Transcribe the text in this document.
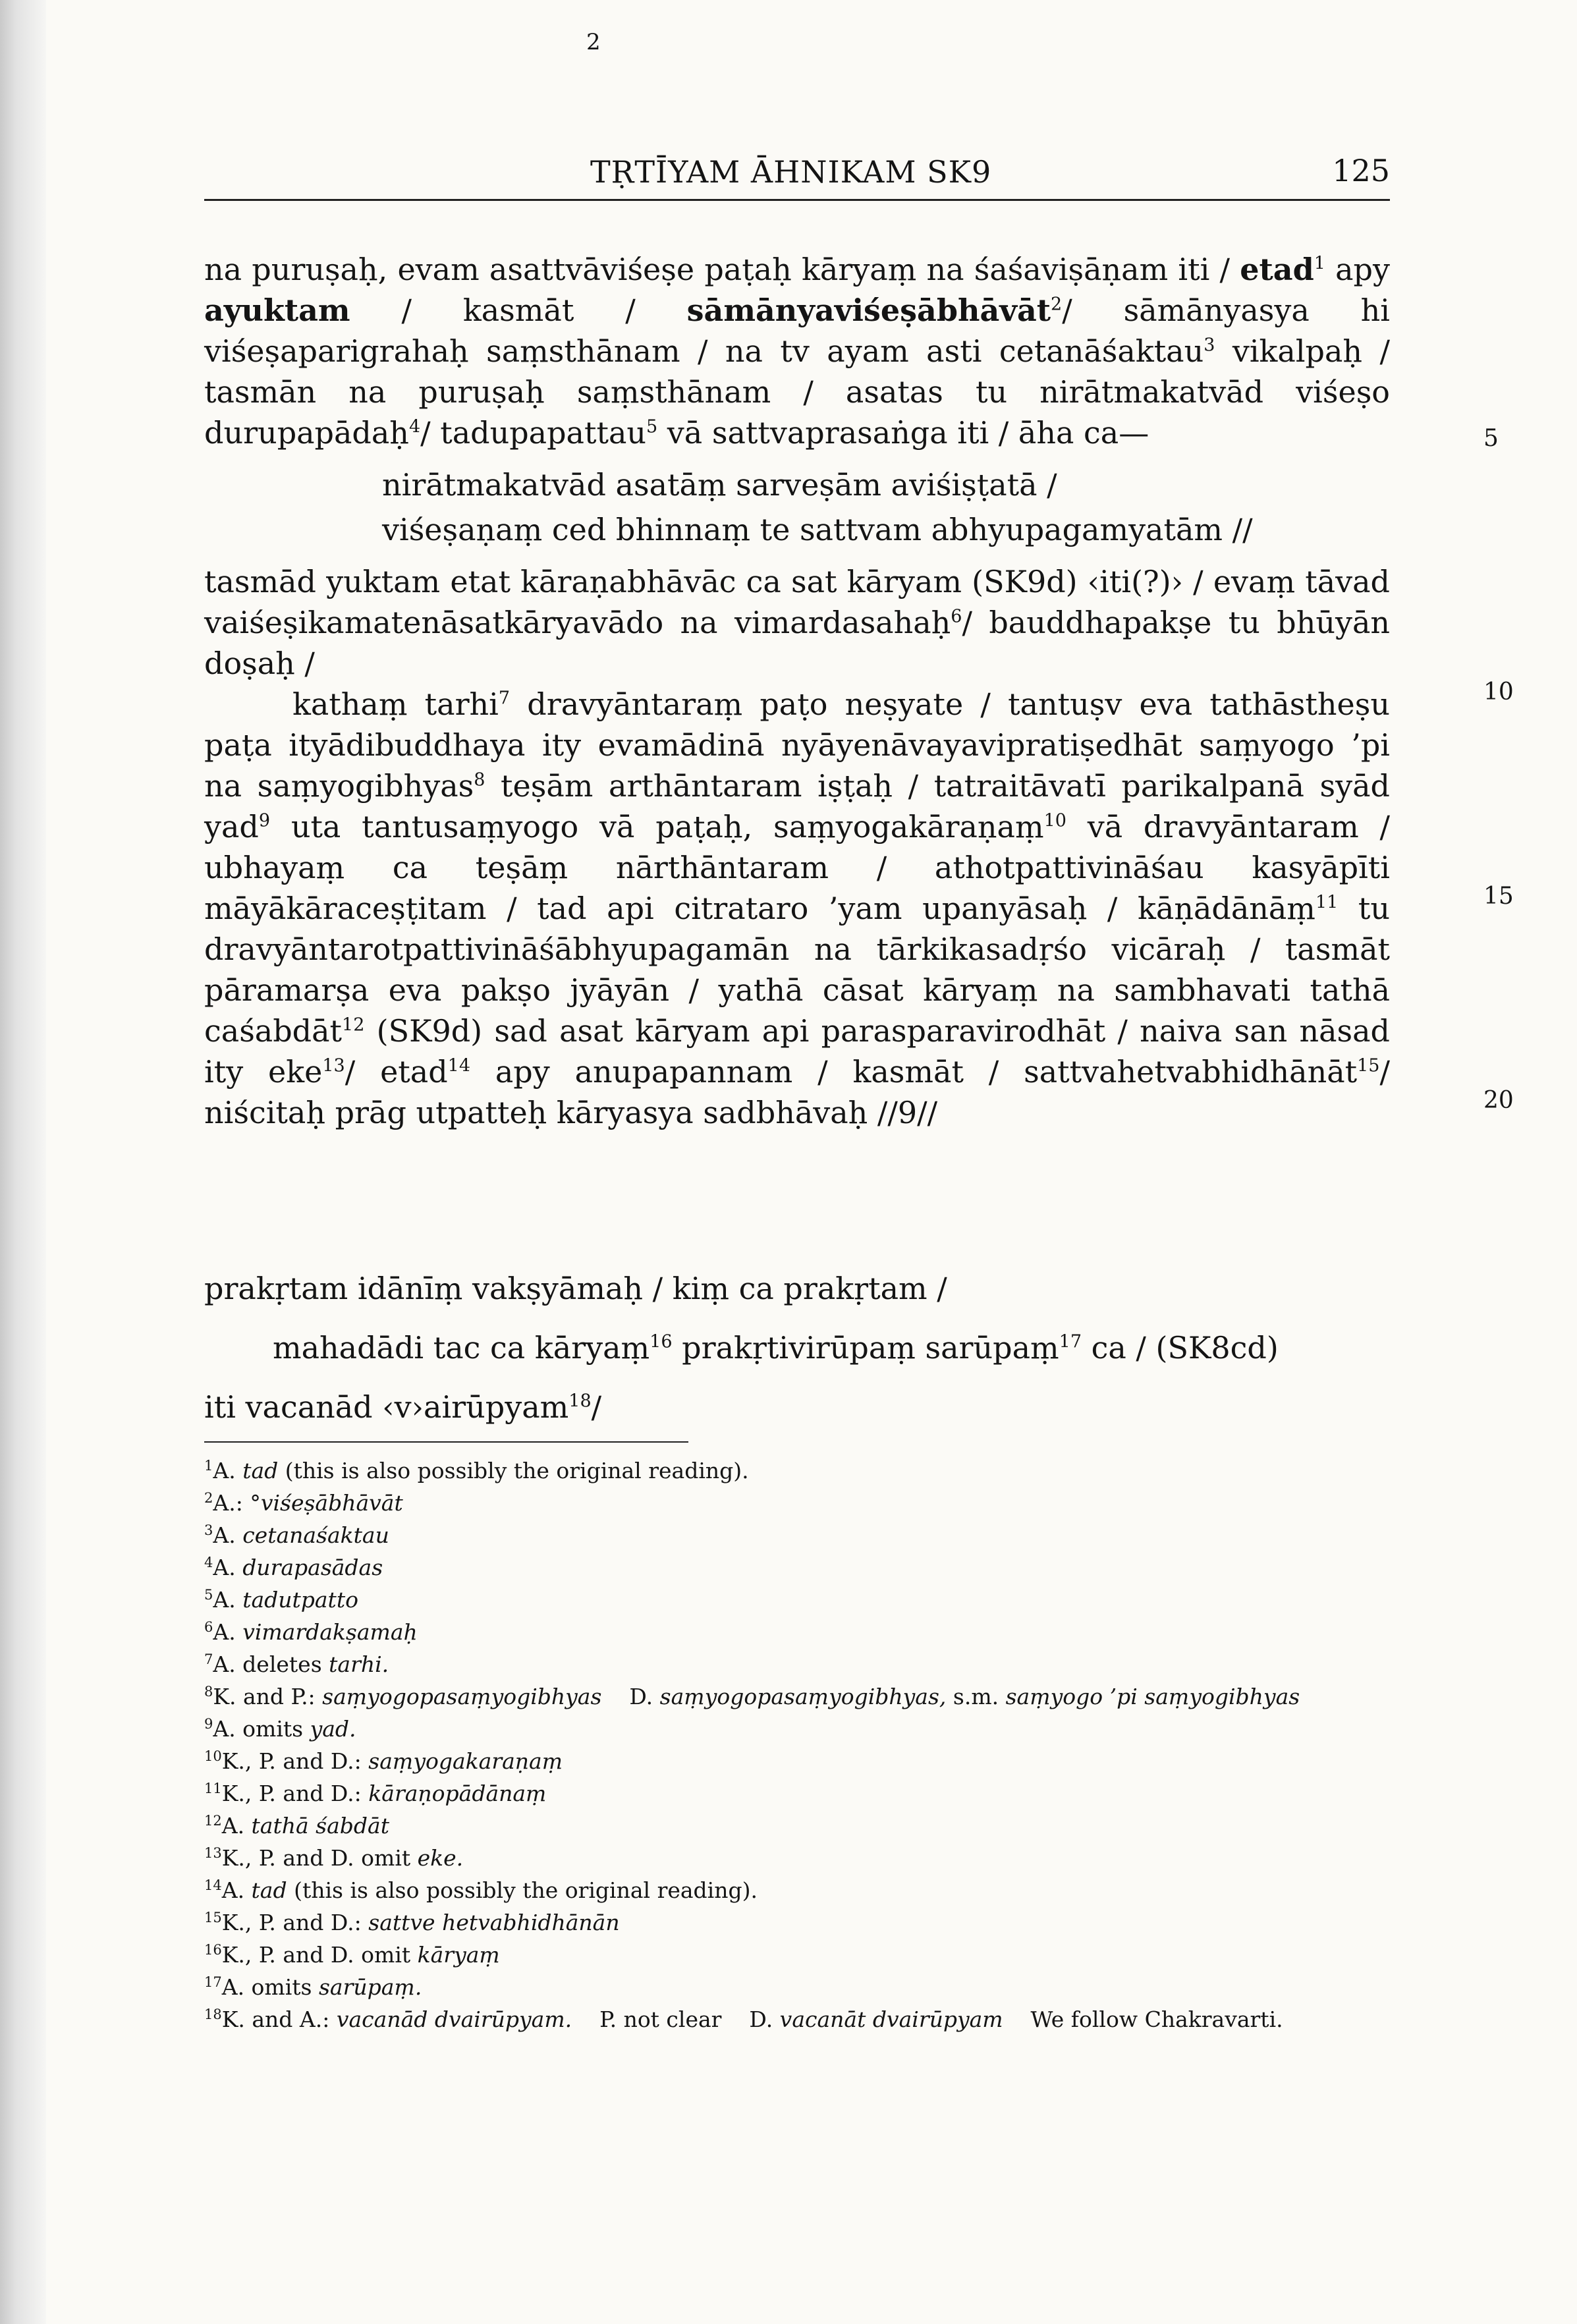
2
TṚTĪYAM ĀHNIKAM SK9	125

na puruṣaḥ, evam asattvāviśeṣe paṭaḥ kāryaṃ na śaśaviṣāṇam iti / etad$^1$ apy ayuktam / kasmāt / sāmānyaviśeṣābhāvāt$^2$/ sāmānyasya hi viśeṣaparigrahaḥ saṃsthānam / na tv ayam asti cetanāśaktau$^3$ vikalpaḥ / tasmān na puruṣaḥ saṃsthānam / asatas tu nirātmakatvād viśeṣo durupapādaḥ$^4$/ tadupapattau$^5$ vā sattvaprasaṅga iti / āha ca—

nirātmakatvād asatāṃ sarveṣām aviśiṣṭatā /
viśeṣaṇaṃ ced bhinnaṃ te sattvam abhyupagamyatām //

tasmād yuktam etat kāraṇabhāvāc ca sat kāryam (SK9d) ‹iti(?)› / evaṃ tāvad vaiśeṣikamatenāsatkāryavādo na vimardasahaḥ$^6$/ bauddhapakṣe tu bhūyān doṣaḥ /

kathaṃ tarhi$^7$ dravyāntaraṃ paṭo neṣyate / tantuṣv eva tathāstheṣu paṭa ityādibuddhaya ity evamādinā nyāyenāvayavipratiṣedhāt saṃyogo ’pi na saṃyogibhyas$^8$ teṣām arthāntaram iṣṭaḥ / tatraitāvatī parikalpanā syād yad$^9$ uta tantusaṃyogo vā paṭaḥ, saṃyogakāraṇaṃ$^{10}$ vā dravyāntaram / ubhayaṃ ca teṣāṃ nārthāntaram / athotpattivināśau kasyāpīti māyākāraceṣṭitam / tad api citrataro ’yam upanyāsaḥ / kāṇādānāṃ$^{11}$ tu dravyāntarotpattivināśābhyupagamān na tārkikasadṛśo vicāraḥ / tasmāt pāramarṣa eva pakṣo jyāyān / yathā cāsat kāryaṃ na sambhavati tathā caśabdāt$^{12}$ (SK9d) sad asat kāryam api parasparavirodhāt / naiva san nāsad ity eke$^{13}$/ etad$^{14}$ apy anupapannam / kasmāt / sattvahetvabhidhānāt$^{15}$/ niścitaḥ prāg utpatteḥ kāryasya sadbhāvaḥ //9//

5
10
15
20

prakṛtam idānīṃ vakṣyāmaḥ / kiṃ ca prakṛtam /

mahadādi tac ca kāryaṃ$^{16}$ prakṛtivirūpaṃ sarūpaṃ$^{17}$ ca / (SK8cd)

iti vacanād ‹v›airūpyam$^{18}$/

$^1$A. tad (this is also possibly the original reading).

$^2$A.: °viśeṣābhāvāt

$^3$A. cetanaśaktau

$^4$A. durapasādas

$^5$A. tadutpatto

$^6$A. vimardakṣamaḥ

$^7$A. deletes tarhi.

$^8$K. and P.: saṃyogopasaṃyogibhyas    D. saṃyogopasaṃyogibhyas, s.m. saṃyogo ’pi saṃyogibhyas

$^9$A. omits yad.

$^{10}$K., P. and D.: saṃyogakaraṇaṃ

$^{11}$K., P. and D.: kāraṇopādānaṃ

$^{12}$A. tathā śabdāt

$^{13}$K., P. and D. omit eke.

$^{14}$A. tad (this is also possibly the original reading).

$^{15}$K., P. and D.: sattve hetvabhidhānān

$^{16}$K., P. and D. omit kāryaṃ

$^{17}$A. omits sarūpaṃ.

$^{18}$K. and A.: vacanād dvairūpyam.    P. not clear    D. vacanāt dvairūpyam    We follow Chakravarti.
